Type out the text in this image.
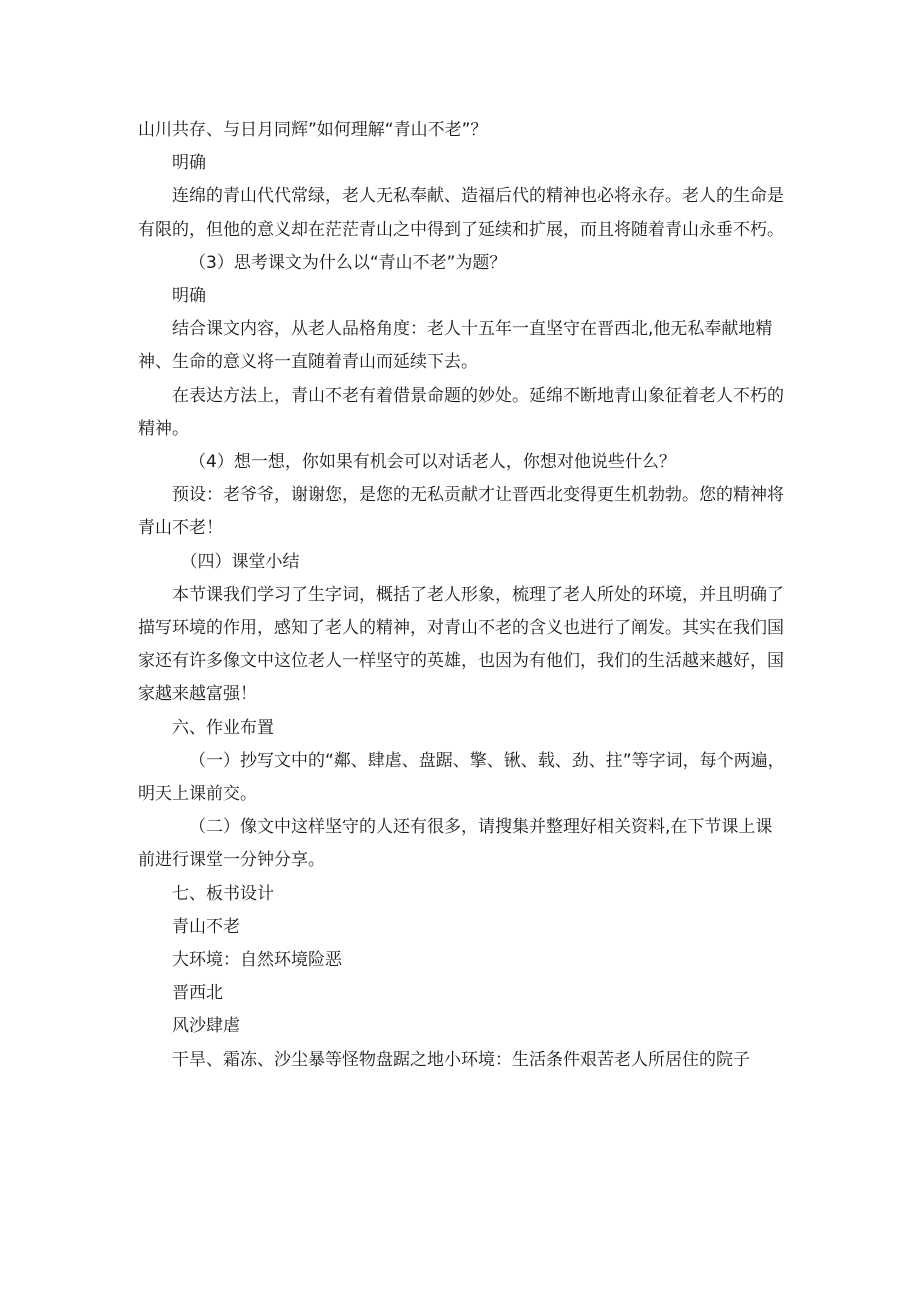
山川共存、与日月同辉”如何理解“青山不老”？

明确

连绵的青山代代常绿，老人无私奉献、造福后代的精神也必将永存。老人的生命是有限的，但他的意义却在茫茫青山之中得到了延续和扩展，而且将随着青山永垂不朽。

（3）思考课文为什么以“青山不老”为题？

明确

结合课文内容，从老人品格角度：老人十五年一直坚守在晋西北,他无私奉献地精神、生命的意义将一直随着青山而延续下去。

在表达方法上，青山不老有着借景命题的妙处。延绵不断地青山象征着老人不朽的精神。

（4）想一想，你如果有机会可以对话老人，你想对他说些什么？

预设：老爷爷，谢谢您，是您的无私贡献才让晋西北变得更生机勃勃。您的精神将青山不老！

（四）课堂小结

本节课我们学习了生字词，概括了老人形象，梳理了老人所处的环境，并且明确了描写环境的作用，感知了老人的精神，对青山不老的含义也进行了阐发。其实在我们国家还有许多像文中这位老人一样坚守的英雄，也因为有他们，我们的生活越来越好，国家越来越富强！

六、作业布置

（一）抄写文中的“鄰、肆虐、盘踞、擎、锹、载、劲、拄”等字词，每个两遍，明天上课前交。

（二）像文中这样坚守的人还有很多，请搜集并整理好相关资料,在下节课上课前进行课堂一分钟分享。

七、板书设计

青山不老

大环境：自然环境险恶

晋西北

风沙肆虐

干旱、霜冻、沙尘暴等怪物盘踞之地小环境：生活条件艰苦老人所居住的院子
